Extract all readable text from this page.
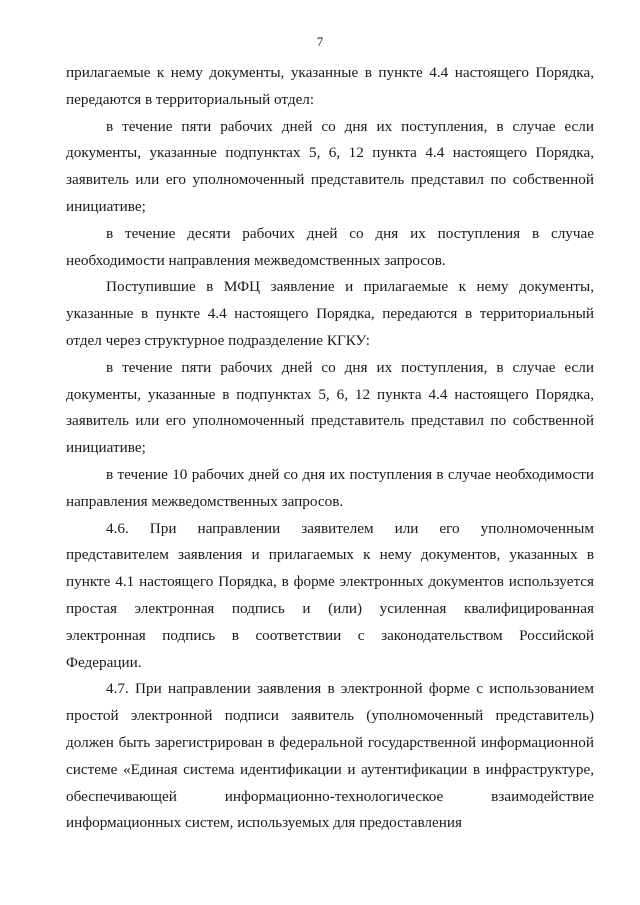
7

прилагаемые к нему документы, указанные в пункте 4.4 настоящего Порядка, передаются в территориальный отдел:

в течение пяти рабочих дней со дня их поступления, в случае если документы, указанные подпунктах 5, 6, 12 пункта 4.4 настоящего Порядка, заявитель или его уполномоченный представитель представил по собственной инициативе;

в течение десяти рабочих дней со дня их поступления в случае необходимости направления межведомственных запросов.

Поступившие в МФЦ заявление и прилагаемые к нему документы, указанные в пункте 4.4 настоящего Порядка, передаются в территориальный отдел через структурное подразделение КГКУ:

в течение пяти рабочих дней со дня их поступления, в случае если документы, указанные в подпунктах 5, 6, 12 пункта 4.4 настоящего Порядка, заявитель или его уполномоченный представитель представил по собственной инициативе;

в течение 10 рабочих дней со дня их поступления в случае необходимости направления межведомственных запросов.

4.6. При направлении заявителем или его уполномоченным представителем заявления и прилагаемых к нему документов, указанных в пункте 4.1 настоящего Порядка, в форме электронных документов используется простая электронная подпись и (или) усиленная квалифицированная электронная подпись в соответствии с законодательством Российской Федерации.

4.7. При направлении заявления в электронной форме с использованием простой электронной подписи заявитель (уполномоченный представитель) должен быть зарегистрирован в федеральной государственной информационной системе «Единая система идентификации и аутентификации в инфраструктуре, обеспечивающей информационно-технологическое взаимодействие информационных систем, используемых для предоставления
